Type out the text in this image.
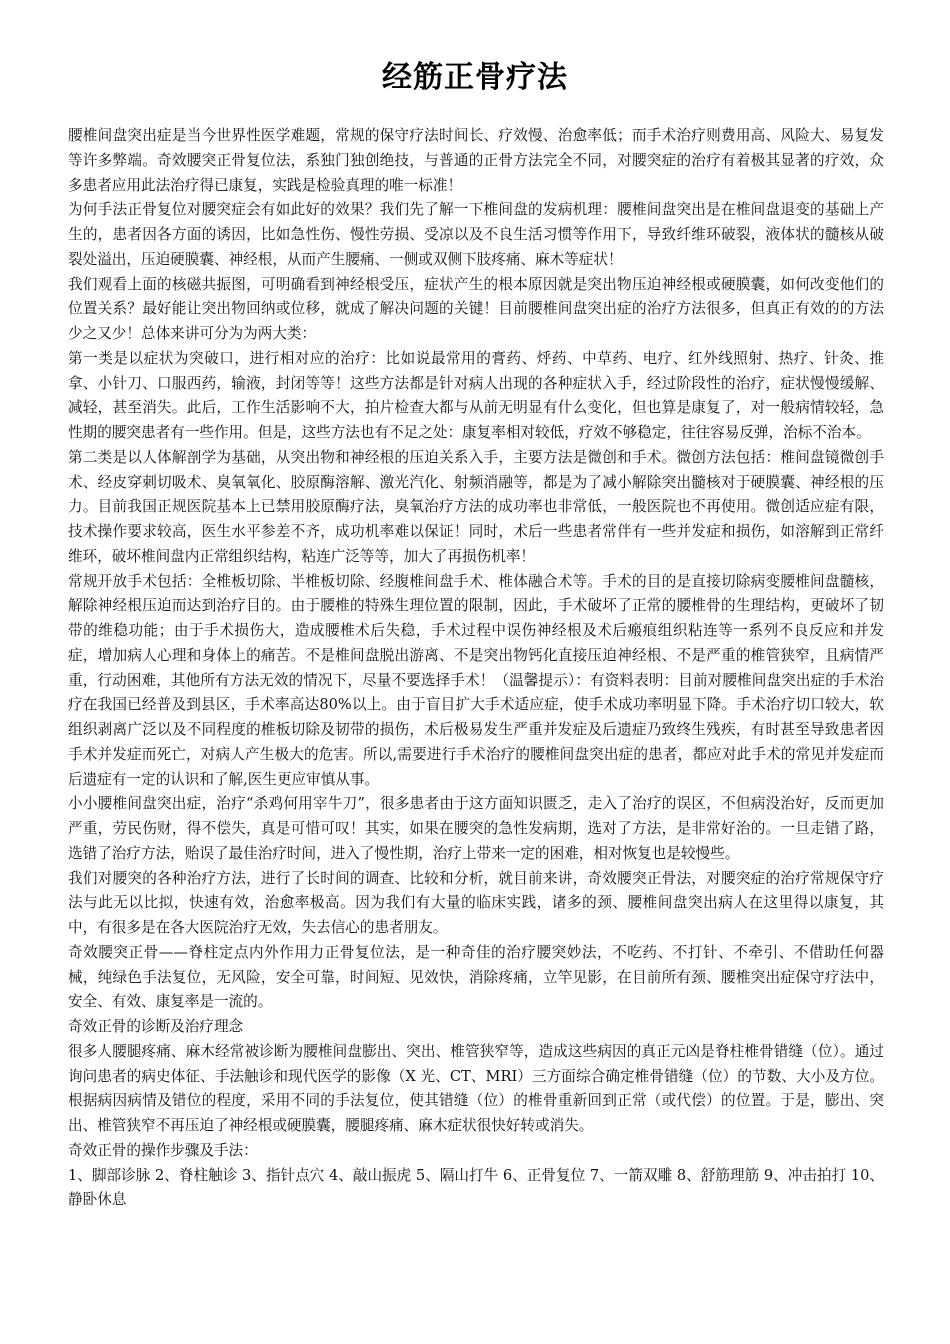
经筋正骨疗法

腰椎间盘突出症是当今世界性医学难题，常规的保守疗法时间长、疗效慢、治愈率低；而手术治疗则费用高、风险大、易复发等许多弊端。奇效腰突正骨复位法，系独门独创绝技，与普通的正骨方法完全不同，对腰突症的治疗有着极其显著的疗效，众多患者应用此法治疗得已康复，实践是检验真理的唯一标准！

为何手法正骨复位对腰突症会有如此好的效果？我们先了解一下椎间盘的发病机理：腰椎间盘突出是在椎间盘退变的基础上产生的，患者因各方面的诱因，比如急性伤、慢性劳损、受凉以及不良生活习惯等作用下，导致纤维环破裂，液体状的髓核从破裂处溢出，压迫硬膜囊、神经根，从而产生腰痛、一侧或双侧下肢疼痛、麻木等症状！

我们观看上面的核磁共振图，可明确看到神经根受压，症状产生的根本原因就是突出物压迫神经根或硬膜囊，如何改变他们的位置关系？最好能让突出物回纳或位移，就成了解决问题的关键！目前腰椎间盘突出症的治疗方法很多，但真正有效的的方法少之又少！总体来讲可分为为两大类：

第一类是以症状为突破口，进行相对应的治疗：比如说最常用的膏药、烀药、中草药、电疗、红外线照射、热疗、针灸、推拿、小针刀、口服西药，输液，封闭等等！这些方法都是针对病人出现的各种症状入手，经过阶段性的治疗，症状慢慢缓解、减轻，甚至消失。此后，工作生活影响不大，拍片检查大都与从前无明显有什么变化，但也算是康复了，对一般病情较轻，急性期的腰突患者有一些作用。但是，这些方法也有不足之处：康复率相对较低，疗效不够稳定，往往容易反弹，治标不治本。

第二类是以人体解剖学为基础，从突出物和神经根的压迫关系入手，主要方法是微创和手术。微创方法包括：椎间盘镜微创手术、经皮穿刺切吸术、臭氧氧化、胶原酶溶解、激光汽化、射频消融等，都是为了减小解除突出髓核对于硬膜囊、神经根的压力。目前我国正规医院基本上已禁用胶原酶疗法，臭氧治疗方法的成功率也非常低，一般医院也不再使用。微创适应症有限，技术操作要求较高，医生水平参差不齐，成功机率难以保证！同时，术后一些患者常伴有一些并发症和损伤，如溶解到正常纤维环，破坏椎间盘内正常组织结构，粘连广泛等等，加大了再损伤机率！

常规开放手术包括：全椎板切除、半椎板切除、经腹椎间盘手术、椎体融合术等。手术的目的是直接切除病变腰椎间盘髓核，解除神经根压迫而达到治疗目的。由于腰椎的特殊生理位置的限制，因此，手术破坏了正常的腰椎骨的生理结构，更破坏了韧带的维稳功能；由于手术损伤大，造成腰椎术后失稳，手术过程中误伤神经根及术后瘢痕组织粘连等一系列不良反应和并发症，增加病人心理和身体上的痛苦。不是椎间盘脱出游离、不是突出物钙化直接压迫神经根、不是严重的椎管狭窄，且病情严重，行动困难，其他所有方法无效的情况下，尽量不要选择手术！（温馨提示）：有资料表明：目前对腰椎间盘突出症的手术治疗在我国已经普及到县区，手术率高达80%以上。由于盲目扩大手术适应症，使手术成功率明显下降。手术治疗切口较大，软组织剥离广泛以及不同程度的椎板切除及韧带的损伤，术后极易发生严重并发症及后遗症乃致终生残疾，有时甚至导致患者因手术并发症而死亡，对病人产生极大的危害。所以,需要进行手术治疗的腰椎间盘突出症的患者，都应对此手术的常见并发症而后遗症有一定的认识和了解,医生更应审慎从事。

小小腰椎间盘突出症，治疗“杀鸡何用宰牛刀”，很多患者由于这方面知识匮乏，走入了治疗的误区，不但病没治好，反而更加严重，劳民伤财，得不偿失，真是可惜可叹！其实，如果在腰突的急性发病期，选对了方法，是非常好治的。一旦走错了路，选错了治疗方法，贻误了最佳治疗时间，进入了慢性期，治疗上带来一定的困难，相对恢复也是较慢些。

我们对腰突的各种治疗方法，进行了长时间的调查、比较和分析，就目前来讲，奇效腰突正骨法，对腰突症的治疗常规保守疗法与此无以比拟，快速有效，治愈率极高。因为我们有大量的临床实践，诸多的颈、腰椎间盘突出病人在这里得以康复，其中，有很多是在各大医院治疗无效，失去信心的患者朋友。

奇效腰突正骨——脊柱定点内外作用力正骨复位法，是一种奇佳的治疗腰突妙法，不吃药、不打针、不牵引、不借助任何器械，纯绿色手法复位，无风险，安全可靠，时间短、见效快，消除疼痛，立竿见影，在目前所有颈、腰椎突出症保守疗法中，安全、有效、康复率是一流的。

奇效正骨的诊断及治疗理念

很多人腰腿疼痛、麻木经常被诊断为腰椎间盘膨出、突出、椎管狭窄等，造成这些病因的真正元凶是脊柱椎骨错缝（位）。通过询问患者的病史体征、手法触诊和现代医学的影像（X 光、CT、MRI）三方面综合确定椎骨错缝（位）的节数、大小及方位。根据病因病情及错位的程度，采用不同的手法复位，使其错缝（位）的椎骨重新回到正常（或代偿）的位置。于是，膨出、突出、椎管狭窄不再压迫了神经根或硬膜囊，腰腿疼痛、麻木症状很快好转或消失。

奇效正骨的操作步骤及手法：

1、脚部诊脉 2、脊柱触诊 3、指针点穴 4、敲山振虎 5、隔山打牛 6、正骨复位 7、一箭双雕 8、舒筋理筋 9、冲击拍打 10、静卧休息
